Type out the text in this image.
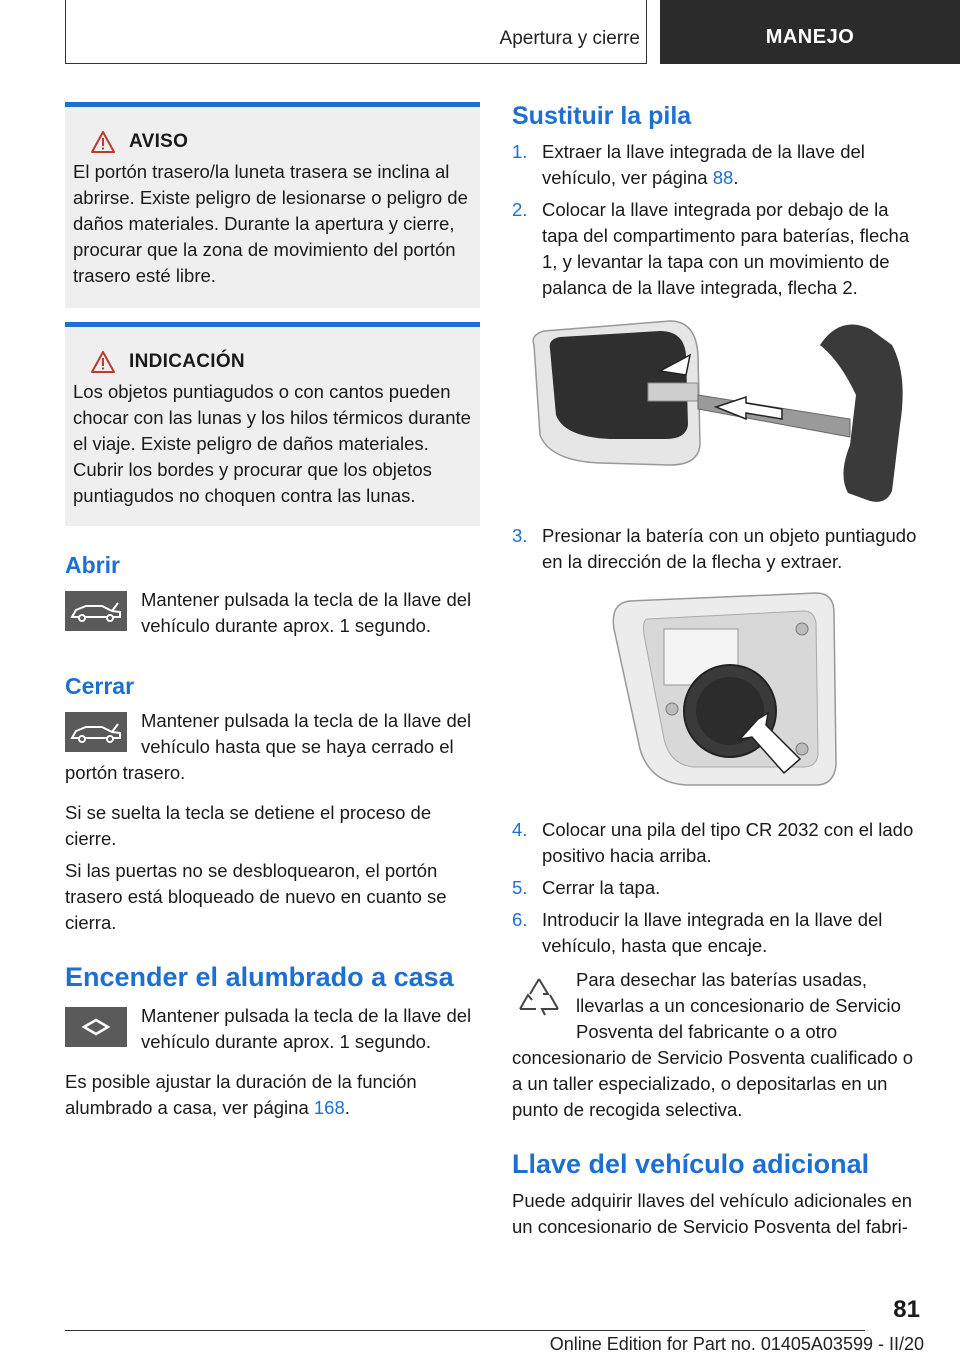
Apertura y cierre	MANEJO
AVISO

El portón trasero/la luneta trasera se inclina al abrirse. Existe peligro de lesionarse o peligro de daños materiales. Durante la apertura y cierre, procurar que la zona de movimiento del portón trasero esté libre.

INDICACIÓN

Los objetos puntiagudos o con cantos pueden chocar con las lunas y los hilos térmicos durante el viaje. Existe peligro de daños materiales. Cubrir los bordes y procurar que los objetos puntiagudos no choquen contra las lunas.

Abrir

Mantener pulsada la tecla de la llave del vehículo durante aprox. 1 segundo.

Cerrar

Mantener pulsada la tecla de la llave del vehículo hasta que se haya cerrado el portón trasero.

Si se suelta la tecla se detiene el proceso de cierre.

Si las puertas no se desbloquearon, el portón trasero está bloqueado de nuevo en cuanto se cierra.

Encender el alumbrado a casa

Mantener pulsada la tecla de la llave del vehículo durante aprox. 1 segundo.

Es posible ajustar la duración de la función alumbrado a casa, ver página 168.

Sustituir la pila
1. Extraer la llave integrada de la llave del vehículo, ver página 88.
2. Colocar la llave integrada por debajo de la tapa del compartimento para baterías, flecha 1, y levantar la tapa con un movimiento de palanca de la llave integrada, flecha 2.
3. Presionar la batería con un objeto puntiagudo en la dirección de la flecha y extraer.
4. Colocar una pila del tipo CR 2032 con el lado positivo hacia arriba.
5. Cerrar la tapa.
6. Introducir la llave integrada en la llave del vehículo, hasta que encaje.

Para desechar las baterías usadas, llevarlas a un concesionario de Servicio Posventa del fabricante o a otro concesionario de Servicio Posventa cualificado o a un taller especializado, o depositarlas en un punto de recogida selectiva.

Llave del vehículo adicional

Puede adquirir llaves del vehículo adicionales en un concesionario de Servicio Posventa del fabri-

81
Online Edition for Part no. 01405A03599 - II/20
